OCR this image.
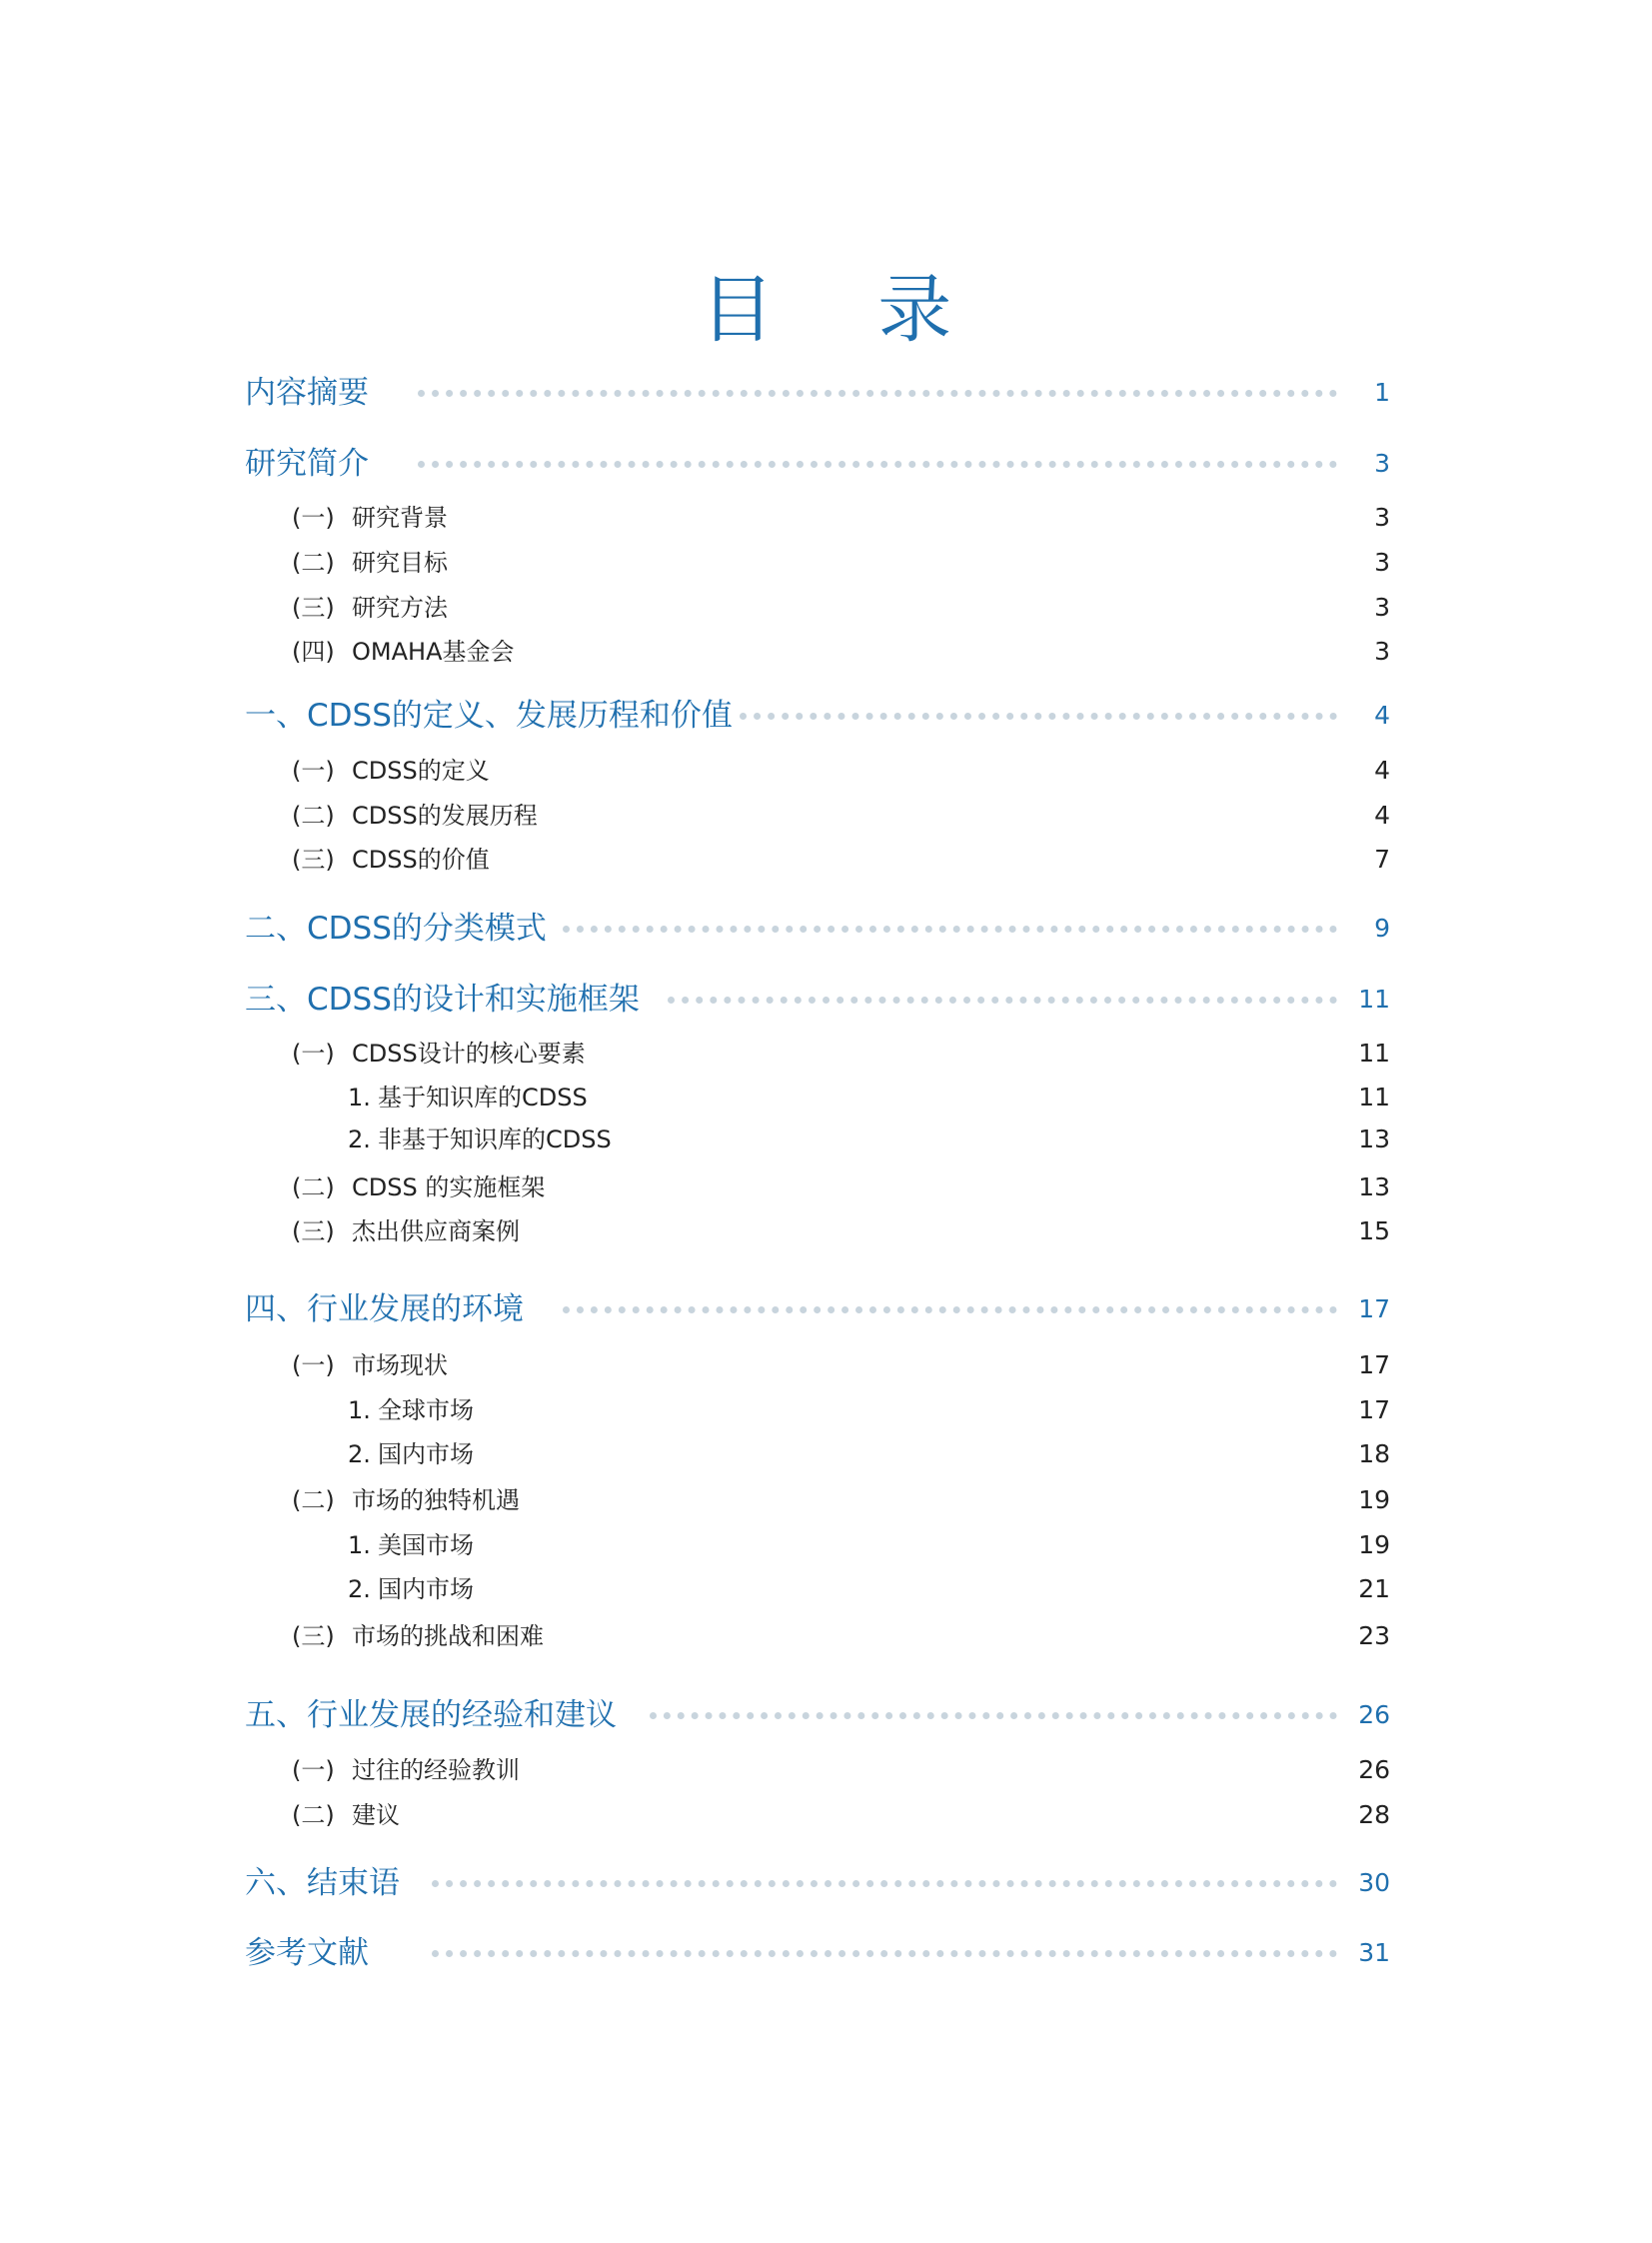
目 录
内容摘要	1
研究简介	3
(一) 研究背景	3
(二) 研究目标	3
(三) 研究方法	3
(四) OMAHA基金会	3
一、CDSS的定义、发展历程和价值	4
(一) CDSS的定义	4
(二) CDSS的发展历程	4
(三) CDSS的价值	7
二、CDSS的分类模式	9
三、CDSS的设计和实施框架	11
(一) CDSS设计的核心要素	11
1. 基于知识库的CDSS	11
2. 非基于知识库的CDSS	13
(二) CDSS 的实施框架	13
(三) 杰出供应商案例	15
四、行业发展的环境	17
(一) 市场现状	17
1. 全球市场	17
2. 国内市场	18
(二) 市场的独特机遇	19
1. 美国市场	19
2. 国内市场	21
(三) 市场的挑战和困难	23
五、行业发展的经验和建议	26
(一) 过往的经验教训	26
(二) 建议	28
六、结束语	30
参考文献	31
